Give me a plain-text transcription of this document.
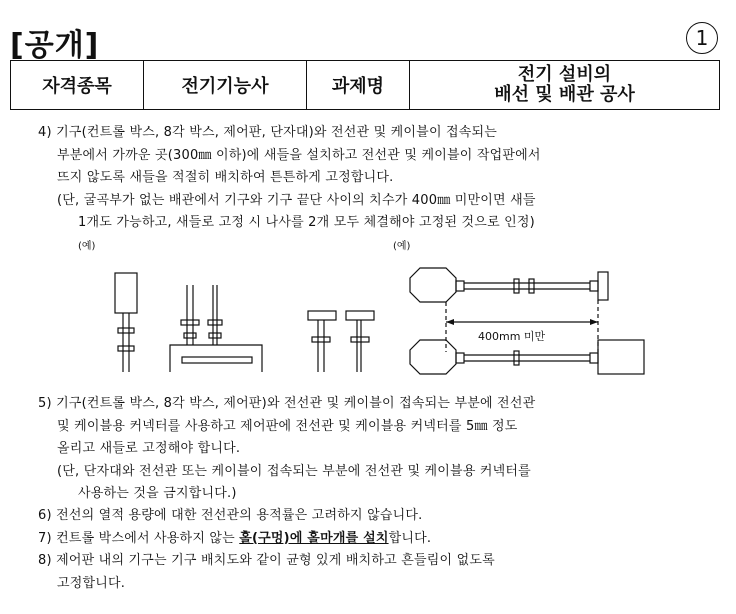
[공개]	1
자격종목	전기기능사	과제명	전기 설비의
배선 및 배관 공사
4) 기구(컨트롤 박스, 8각 박스, 제어판, 단자대)와 전선관 및 케이블이 접속되는
부분에서 가까운 곳(300㎜ 이하)에 새들을 설치하고 전선관 및 케이블이 작업판에서
뜨지 않도록 새들을 적절히 배치하여 튼튼하게 고정합니다.
(단, 굴곡부가 없는 배관에서 기구와 기구 끝단 사이의 치수가 400㎜ 미만이면 새들
1개도 가능하고, 새들로 고정 시 나사를 2개 모두 체결해야 고정된 것으로 인정)
(예)	(예)
400mm 미만
5) 기구(컨트롤 박스, 8각 박스, 제어판)와 전선관 및 케이블이 접속되는 부분에 전선관
및 케이블용 커넥터를 사용하고 제어판에 전선관 및 케이블용 커넥터를 5㎜ 정도
올리고 새들로 고정해야 합니다.
(단, 단자대와 전선관 또는 케이블이 접속되는 부분에 전선관 및 케이블용 커넥터를
사용하는 것을 금지합니다.)
6) 전선의 열적 용량에 대한 전선관의 용적률은 고려하지 않습니다.
7) 컨트롤 박스에서 사용하지 않는 홀(구멍)에 홀마개를 설치합니다.
8) 제어판 내의 기구는 기구 배치도와 같이 균형 있게 배치하고 흔들림이 없도록
고정합니다.
